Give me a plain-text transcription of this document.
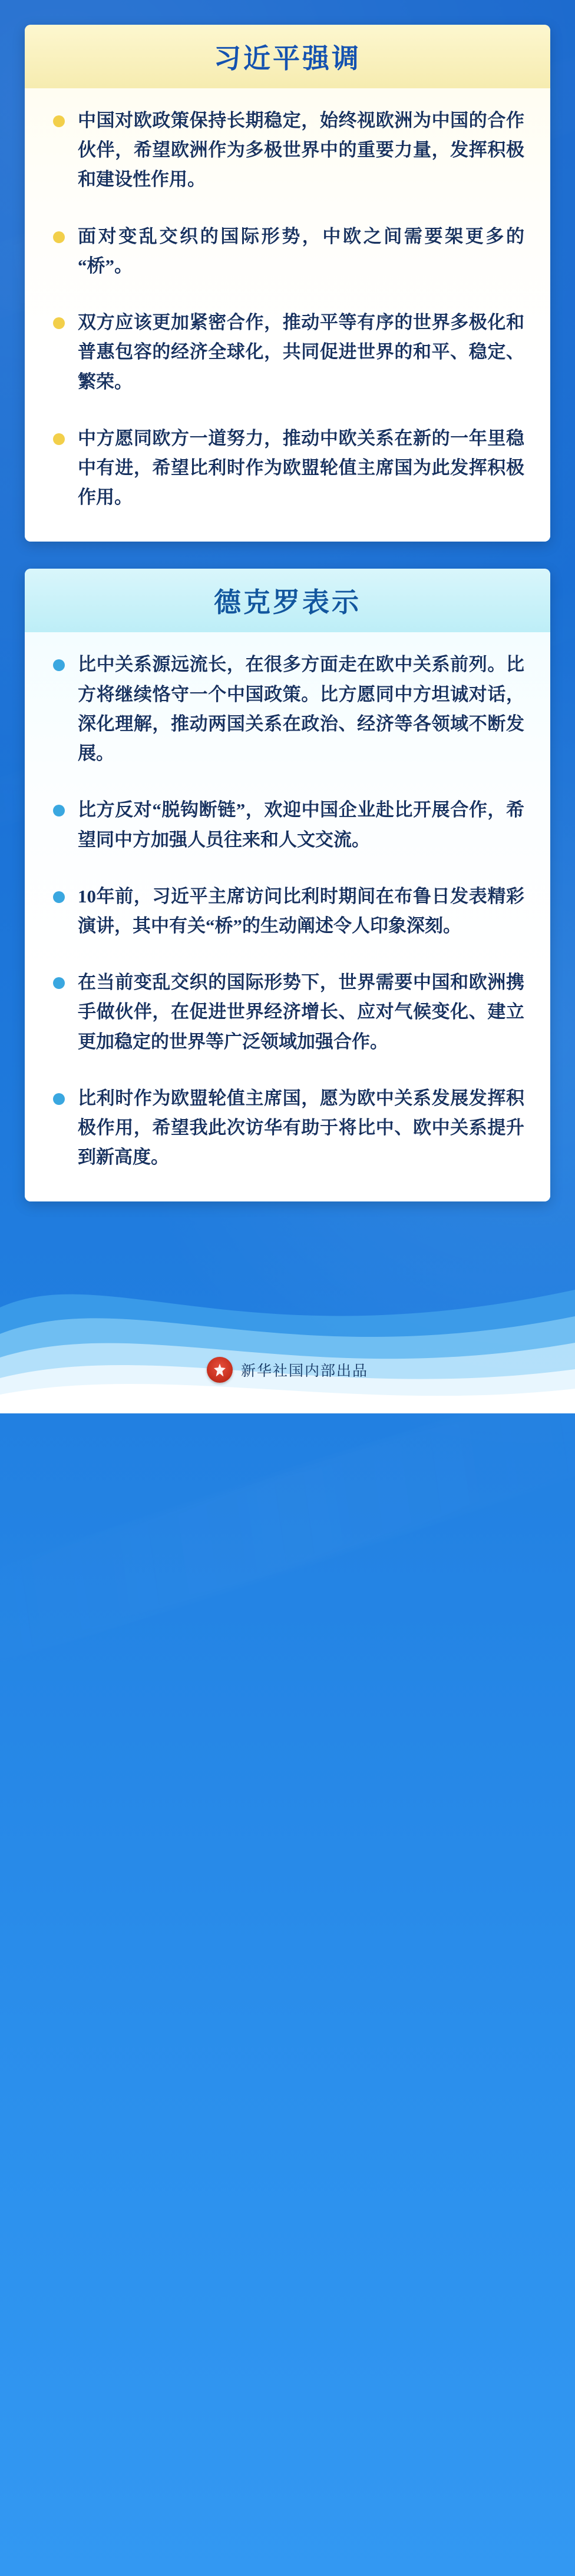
习近平强调
中国对欧政策保持长期稳定，始终视欧洲为中国的合作伙伴，希望欧洲作为多极世界中的重要力量，发挥积极和建设性作用。
面对变乱交织的国际形势，中欧之间需要架更多的“桥”。
双方应该更加紧密合作，推动平等有序的世界多极化和普惠包容的经济全球化，共同促进世界的和平、稳定、繁荣。
中方愿同欧方一道努力，推动中欧关系在新的一年里稳中有进，希望比利时作为欧盟轮值主席国为此发挥积极作用。
德克罗表示
比中关系源远流长，在很多方面走在欧中关系前列。比方将继续恪守一个中国政策。比方愿同中方坦诚对话，深化理解，推动两国关系在政治、经济等各领域不断发展。
比方反对“脱钩断链”，欢迎中国企业赴比开展合作，希望同中方加强人员往来和人文交流。
10年前，习近平主席访问比利时期间在布鲁日发表精彩演讲，其中有关“桥”的生动阐述令人印象深刻。
在当前变乱交织的国际形势下，世界需要中国和欧洲携手做伙伴，在促进世界经济增长、应对气候变化、建立更加稳定的世界等广泛领域加强合作。
比利时作为欧盟轮值主席国，愿为欧中关系发展发挥积极作用，希望我此次访华有助于将比中、欧中关系提升到新高度。
新华社国内部出品
